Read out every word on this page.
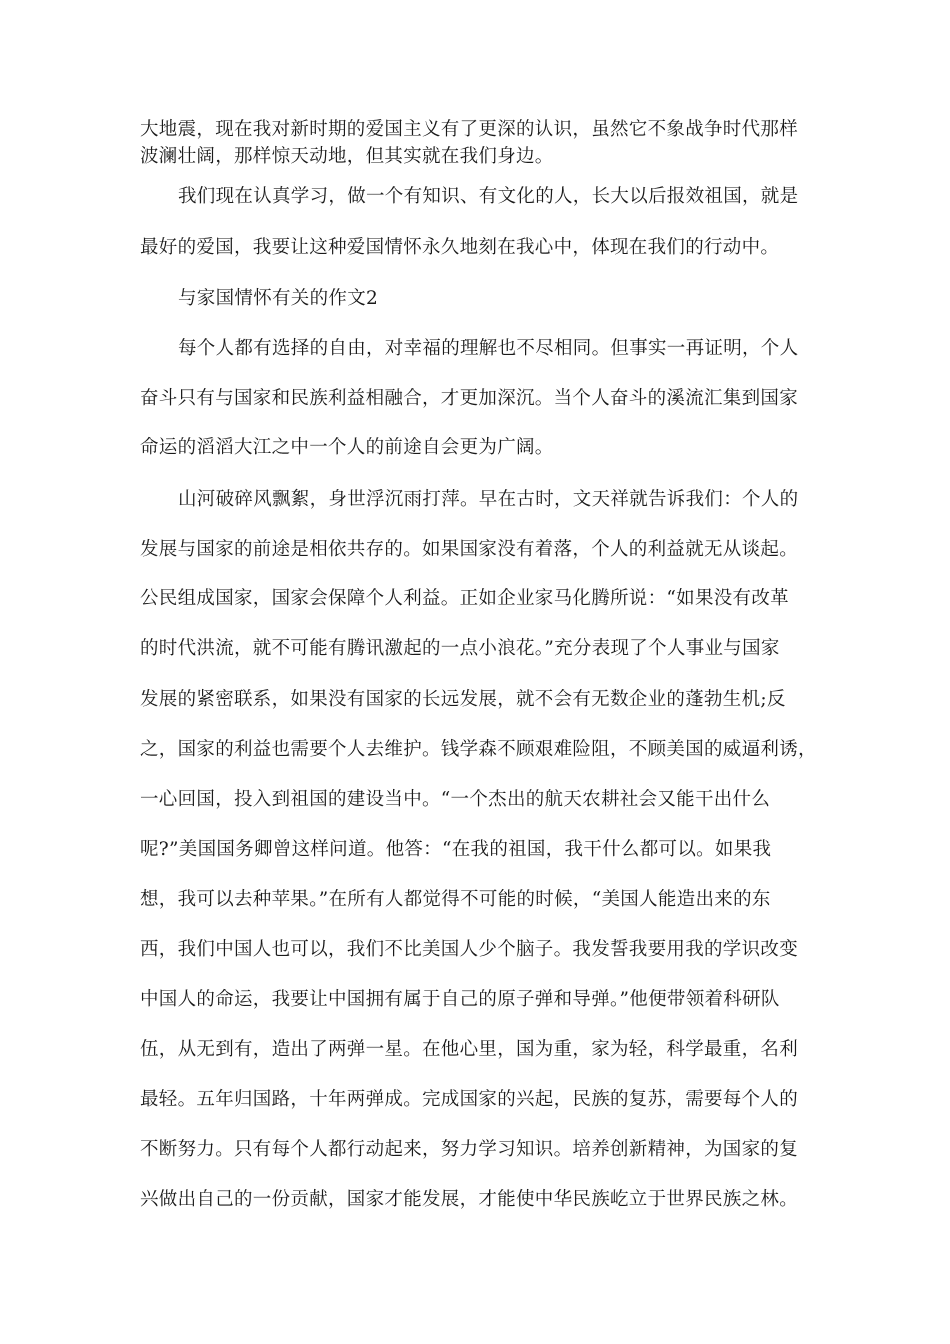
大地震，现在我对新时期的爱国主义有了更深的认识，虽然它不象战争时代那样
波澜壮阔，那样惊天动地，但其实就在我们身边。
我们现在认真学习，做一个有知识、有文化的人，长大以后报效祖国，就是
最好的爱国，我要让这种爱国情怀永久地刻在我心中，体现在我们的行动中。
与家国情怀有关的作文2
每个人都有选择的自由，对幸福的理解也不尽相同。但事实一再证明，个人
奋斗只有与国家和民族利益相融合，才更加深沉。当个人奋斗的溪流汇集到国家
命运的滔滔大江之中一个人的前途自会更为广阔。
山河破碎风飘絮，身世浮沉雨打萍。早在古时，文天祥就告诉我们：个人的
发展与国家的前途是相依共存的。如果国家没有着落，个人的利益就无从谈起。
公民组成国家，国家会保障个人利益。正如企业家马化腾所说：“如果没有改革
的时代洪流，就不可能有腾讯激起的一点小浪花。”充分表现了个人事业与国家
发展的紧密联系，如果没有国家的长远发展，就不会有无数企业的蓬勃生机;反
之，国家的利益也需要个人去维护。钱学森不顾艰难险阻，不顾美国的威逼利诱，
一心回国，投入到祖国的建设当中。“一个杰出的航天农耕社会又能干出什么
呢?”美国国务卿曾这样问道。他答：“在我的祖国，我干什么都可以。如果我
想，我可以去种苹果。”在所有人都觉得不可能的时候，“美国人能造出来的东
西，我们中国人也可以，我们不比美国人少个脑子。我发誓我要用我的学识改变
中国人的命运，我要让中国拥有属于自己的原子弹和导弹。”他便带领着科研队
伍，从无到有，造出了两弹一星。在他心里，国为重，家为轻，科学最重，名利
最轻。五年归国路，十年两弹成。完成国家的兴起，民族的复苏，需要每个人的
不断努力。只有每个人都行动起来，努力学习知识。培养创新精神，为国家的复
兴做出自己的一份贡献，国家才能发展，才能使中华民族屹立于世界民族之林。
